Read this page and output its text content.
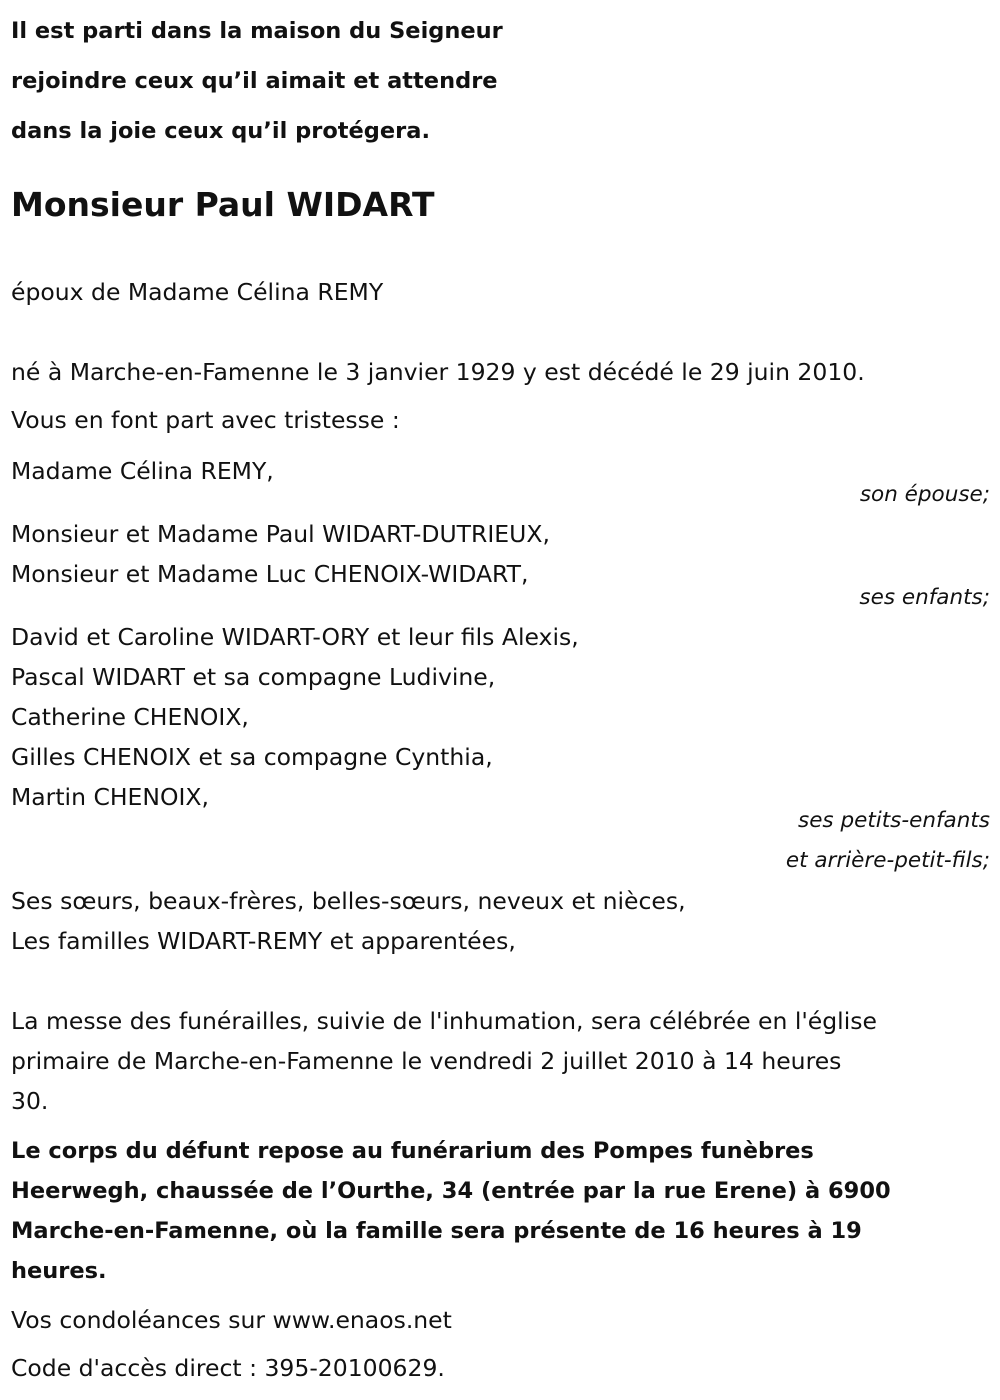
Il est parti dans la maison du Seigneur
rejoindre ceux qu’il aimait et attendre
dans la joie ceux qu’il protégera.

Monsieur Paul WIDART

époux de Madame Célina REMY

né à Marche-en-Famenne le 3 janvier 1929 y est décédé le 29 juin 2010.

Vous en font part avec tristesse :

Madame Célina REMY,

son épouse;

Monsieur et Madame Paul WIDART-DUTRIEUX,
Monsieur et Madame Luc CHENOIX-WIDART,

ses enfants;

David et Caroline WIDART-ORY et leur fils Alexis,
Pascal WIDART et sa compagne Ludivine,
Catherine CHENOIX,
Gilles CHENOIX et sa compagne Cynthia,
Martin CHENOIX,

ses petits-enfants
et arrière-petit-fils;

Ses sœurs, beaux-frères, belles-sœurs, neveux et nièces,
Les familles WIDART-REMY et apparentées,

La messe des funérailles, suivie de l'inhumation, sera célébrée en l'église
primaire de Marche-en-Famenne le vendredi 2 juillet 2010 à 14 heures
30.

Le corps du défunt repose au funérarium des Pompes funèbres
Heerwegh, chaussée de l’Ourthe, 34 (entrée par la rue Erene) à 6900
Marche-en-Famenne, où la famille sera présente de 16 heures à 19
heures.

Vos condoléances sur www.enaos.net

Code d'accès direct : 395-20100629.
